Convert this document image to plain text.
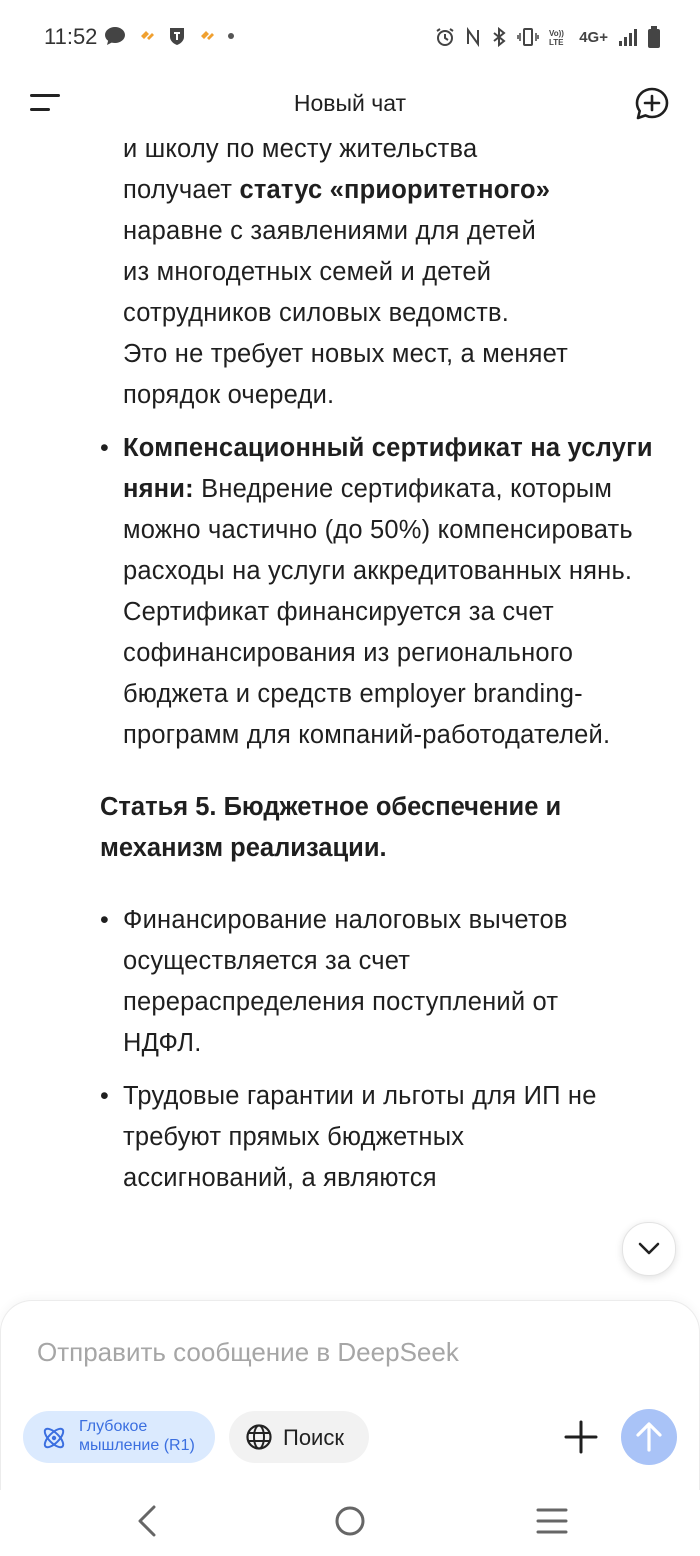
11:52	Vo))
LTE 4G+
Новый чат
и школу по месту жительства
получает статус «приоритетного»
наравне с заявлениями для детей
из многодетных семей и детей
сотрудников силовых ведомств.
Это не требует новых мест, а меняет
порядок очереди.
• Компенсационный сертификат на услуги няни: Внедрение сертификата, которым можно частично (до 50%) компенсировать расходы на услуги аккредитованных нянь. Сертификат финансируется за счет софинансирования из регионального бюджета и средств employer branding-программ для компаний-работодателей.
Статья 5. Бюджетное обеспечение и механизм реализации.
• Финансирование налоговых вычетов осуществляется за счет перераспределения поступлений от НДФЛ.
• Трудовые гарантии и льготы для ИП не требуют прямых бюджетных ассигнований, а являются
Отправить сообщение в DeepSeek
Глубокое мышление (R1)	Поиск
